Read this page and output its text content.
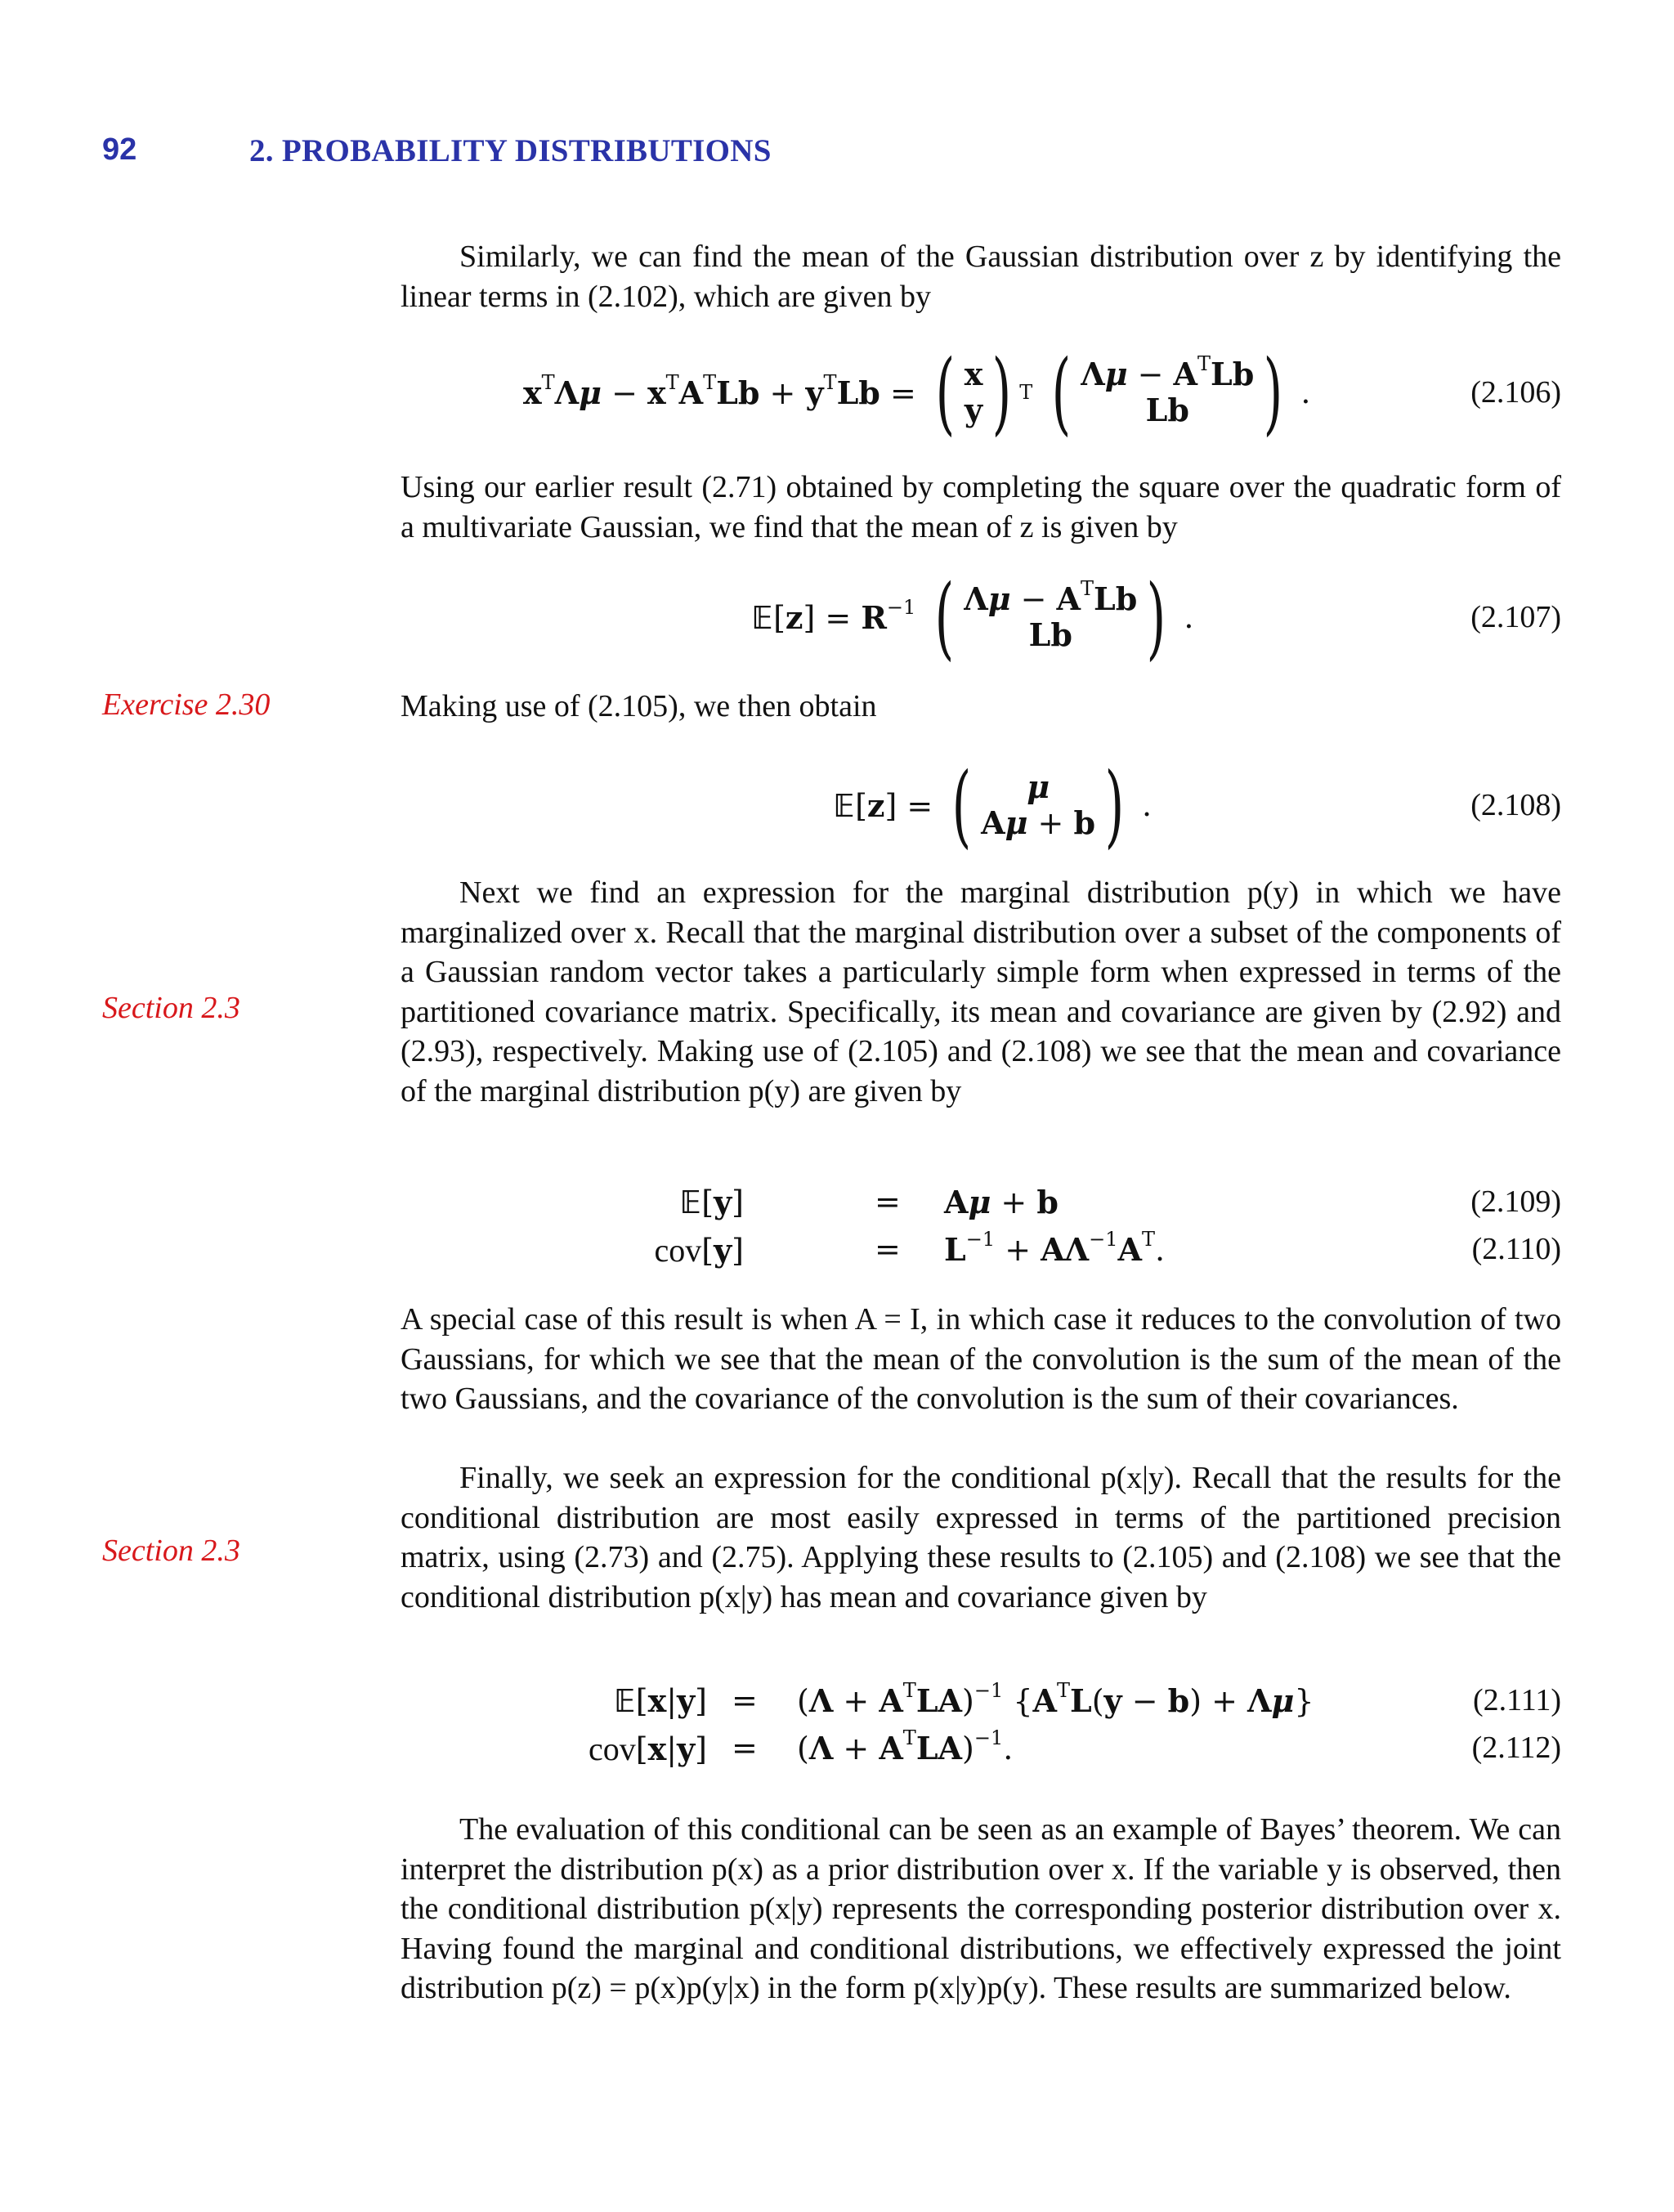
92	2. PROBABILITY DISTRIBUTIONS
Exercise 2.30
Section 2.3
Section 2.3

Similarly, we can find the mean of the Gaussian distribution over z by identifying the linear terms in (2.102), which are given by

$x^T\Lambda\mu - x^TA^TLb + y^TLb$ = ( x
y ) T ( $\Lambda\mu - A^TLb$
Lb ) .	(2.106)

Using our earlier result (2.71) obtained by completing the square over the quadratic form of a multivariate Gaussian, we find that the mean of z is given by

𝔼[z] = $R^{-1}$ ( $\Lambda\mu - A^TLb$
Lb ) .	(2.107)

Making use of (2.105), we then obtain

𝔼[z] = ( μ
Aμ + b ) .	(2.108)

Next we find an expression for the marginal distribution p(y) in which we have marginalized over x. Recall that the marginal distribution over a subset of the components of a Gaussian random vector takes a particularly simple form when expressed in terms of the partitioned covariance matrix. Specifically, its mean and covariance are given by (2.92) and (2.93), respectively. Making use of (2.105) and (2.108) we see that the mean and covariance of the marginal distribution p(y) are given by

𝔼[y]	= Aμ + b	(2.109)
cov[y]	= $L^{-1} + A\Lambda^{-1}A^T$.	(2.110)

A special case of this result is when A = I, in which case it reduces to the convolution of two Gaussians, for which we see that the mean of the convolution is the sum of the mean of the two Gaussians, and the covariance of the convolution is the sum of their covariances.

Finally, we seek an expression for the conditional p(x|y). Recall that the results for the conditional distribution are most easily expressed in terms of the partitioned precision matrix, using (2.73) and (2.75). Applying these results to (2.105) and (2.108) we see that the conditional distribution p(x|y) has mean and covariance given by

𝔼[x|y] = $(\Lambda + A^TLA)^{-1}$ $\{A^TL(y - b) + \Lambda\mu\}$	(2.111)
$cov[x|y] = (\Lambda + A^TLA)^{-1}$.	(2.112)

The evaluation of this conditional can be seen as an example of Bayes’ theorem. We can interpret the distribution p(x) as a prior distribution over x. If the variable y is observed, then the conditional distribution p(x|y) represents the corresponding posterior distribution over x. Having found the marginal and conditional distributions, we effectively expressed the joint distribution p(z) = p(x)p(y|x) in the form p(x|y)p(y). These results are summarized below.
